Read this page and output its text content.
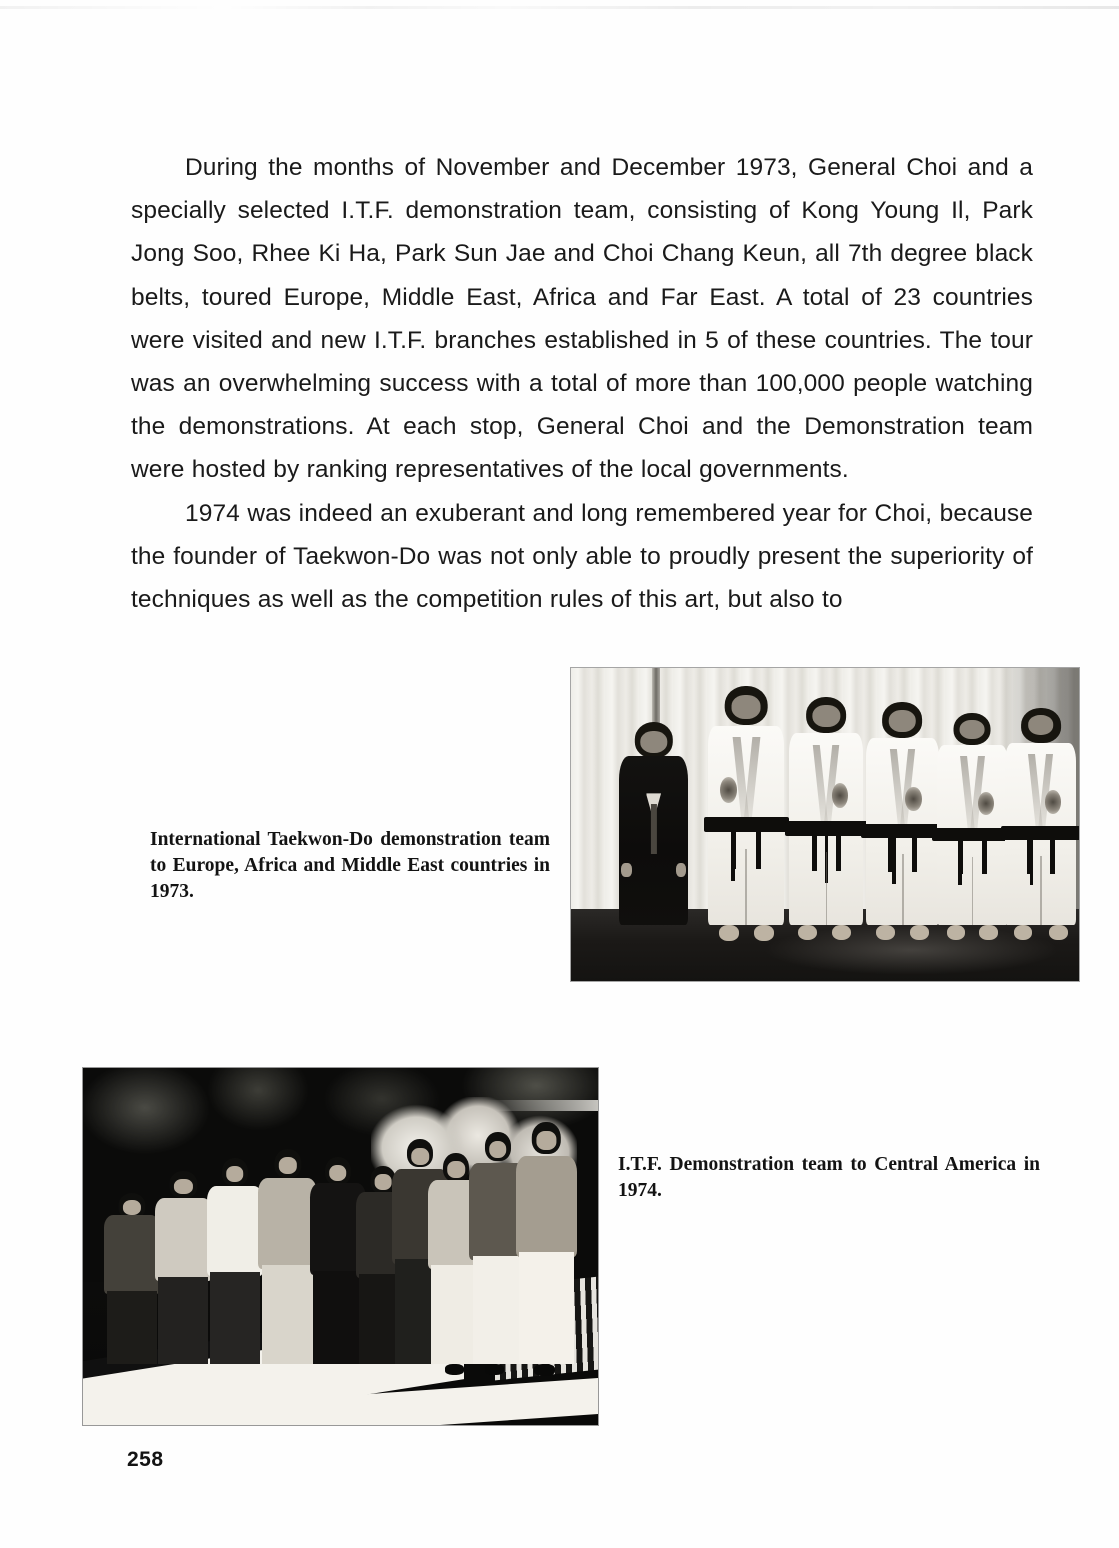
During the months of November and December 1973, General Choi and a specially selected I.T.F. demonstration team, consisting of Kong Young Il, Park Jong Soo, Rhee Ki Ha, Park Sun Jae and Choi Chang Keun, all 7th degree black belts, toured Europe, Middle East, Africa and Far East. A total of 23 countries were visited and new I.T.F. branches established in 5 of these countries. The tour was an overwhelming success with a total of more than 100,000 people watching the demonstrations. At each stop, General Choi and the Demonstration team were hosted by ranking representatives of the local governments.

1974 was indeed an exuberant and long remembered year for Choi, because the founder of Taekwon-Do was not only able to proudly present the superiority of techniques as well as the competition rules of this art, but also to

International Taekwon-Do demonstration team to Europe, Africa and Middle East countries in 1973.
I.T.F. Demonstration team to Central America in 1974.
258
